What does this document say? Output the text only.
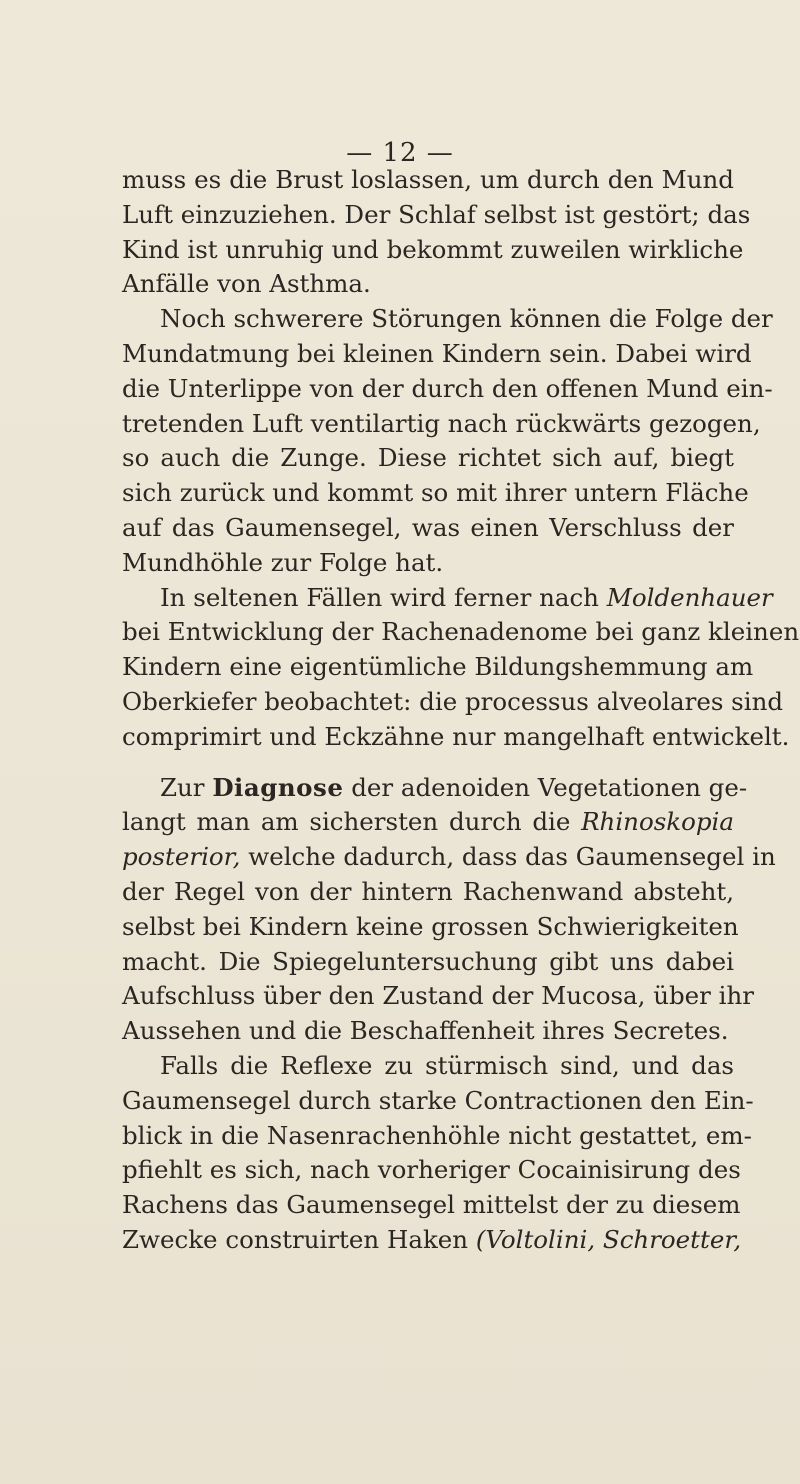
— 12 —
muss es die Brust loslassen, um durch den Mund
Luft einzuziehen. Der Schlaf selbst ist gestört; das
Kind ist unruhig und bekommt zuweilen wirkliche
Anfälle von Asthma.
Noch schwerere Störungen können die Folge der
Mundatmung bei kleinen Kindern sein. Dabei wird
die Unterlippe von der durch den offenen Mund ein-
tretenden Luft ventilartig nach rückwärts gezogen,
so auch die Zunge. Diese richtet sich auf, biegt
sich zurück und kommt so mit ihrer untern Fläche
auf das Gaumensegel, was einen Verschluss der
Mundhöhle zur Folge hat.
In seltenen Fällen wird ferner nach Moldenhauer
bei Entwicklung der Rachenadenome bei ganz kleinen
Kindern eine eigentümliche Bildungshemmung am
Oberkiefer beobachtet: die processus alveolares sind
comprimirt und Eckzähne nur mangelhaft entwickelt.
Zur Diagnose der adenoiden Vegetationen ge-
langt man am sichersten durch die Rhinoskopia
posterior, welche dadurch, dass das Gaumensegel in
der Regel von der hintern Rachenwand absteht,
selbst bei Kindern keine grossen Schwierigkeiten
macht. Die Spiegeluntersuchung gibt uns dabei
Aufschluss über den Zustand der Mucosa, über ihr
Aussehen und die Beschaffenheit ihres Secretes.
Falls die Reflexe zu stürmisch sind, und das
Gaumensegel durch starke Contractionen den Ein-
blick in die Nasenrachenhöhle nicht gestattet, em-
pfiehlt es sich, nach vorheriger Cocainisirung des
Rachens das Gaumensegel mittelst der zu diesem
Zwecke construirten Haken (Voltolini, Schroetter,
